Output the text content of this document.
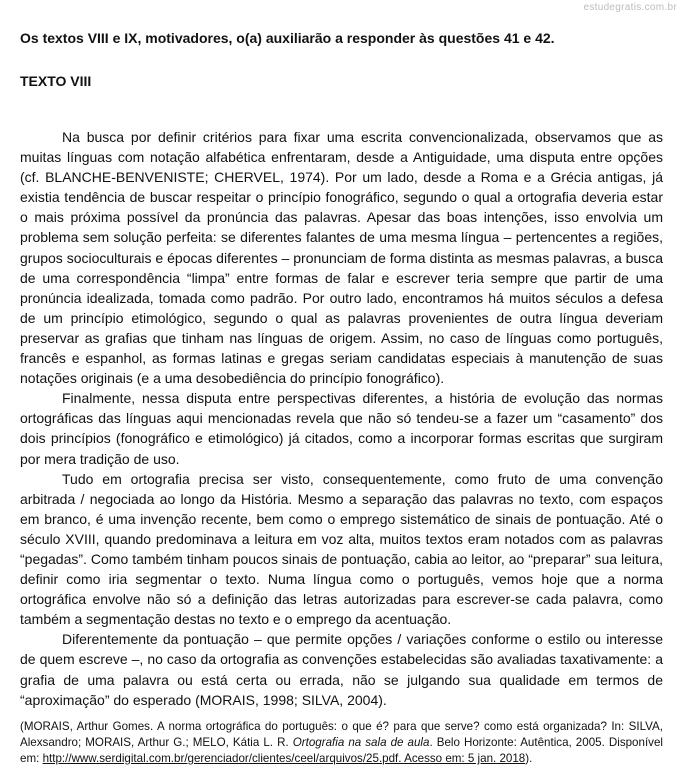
estudegratis.com.br

Os textos VIII e IX, motivadores, o(a) auxiliarão a responder às questões 41 e 42.

TEXTO VIII

Na busca por definir critérios para fixar uma escrita convencionalizada, observamos que as muitas línguas com notação alfabética enfrentaram, desde a Antiguidade, uma disputa entre opções (cf. BLANCHE-BENVENISTE; CHERVEL, 1974). Por um lado, desde a Roma e a Grécia antigas, já existia tendência de buscar respeitar o princípio fonográfico, segundo o qual a ortografia deveria estar o mais próxima possível da pronúncia das palavras. Apesar das boas intenções, isso envolvia um problema sem solução perfeita: se diferentes falantes de uma mesma língua – pertencentes a regiões, grupos socioculturais e épocas diferentes – pronunciam de forma distinta as mesmas palavras, a busca de uma correspondência “limpa” entre formas de falar e escrever teria sempre que partir de uma pronúncia idealizada, tomada como padrão. Por outro lado, encontramos há muitos séculos a defesa de um princípio etimológico, segundo o qual as palavras provenientes de outra língua deveriam preservar as grafias que tinham nas línguas de origem. Assim, no caso de línguas como português, francês e espanhol, as formas latinas e gregas seriam candidatas especiais à manutenção de suas notações originais (e a uma desobediência do princípio fonográfico).

Finalmente, nessa disputa entre perspectivas diferentes, a história de evolução das normas ortográficas das línguas aqui mencionadas revela que não só tendeu-se a fazer um “casamento” dos dois princípios (fonográfico e etimológico) já citados, como a incorporar formas escritas que surgiram por mera tradição de uso.

Tudo em ortografia precisa ser visto, consequentemente, como fruto de uma convenção arbitrada / negociada ao longo da História. Mesmo a separação das palavras no texto, com espaços em branco, é uma invenção recente, bem como o emprego sistemático de sinais de pontuação. Até o século XVIII, quando predominava a leitura em voz alta, muitos textos eram notados com as palavras “pegadas”. Como também tinham poucos sinais de pontuação, cabia ao leitor, ao “preparar” sua leitura, definir como iria segmentar o texto. Numa língua como o português, vemos hoje que a norma ortográfica envolve não só a definição das letras autorizadas para escrever-se cada palavra, como também a segmentação destas no texto e o emprego da acentuação.

Diferentemente da pontuação – que permite opções / variações conforme o estilo ou interesse de quem escreve –, no caso da ortografia as convenções estabelecidas são avaliadas taxativamente: a grafia de uma palavra ou está certa ou errada, não se julgando sua qualidade em termos de “aproximação” do esperado (MORAIS, 1998; SILVA, 2004).

(MORAIS, Arthur Gomes. A norma ortográfica do português: o que é? para que serve? como está organizada? In: SILVA, Alexsandro; MORAIS, Arthur G.; MELO, Kátia L. R. Ortografia na sala de aula. Belo Horizonte: Autêntica, 2005. Disponível em: http://www.serdigital.com.br/gerenciador/clientes/ceel/arquivos/25.pdf. Acesso em: 5 jan. 2018).
